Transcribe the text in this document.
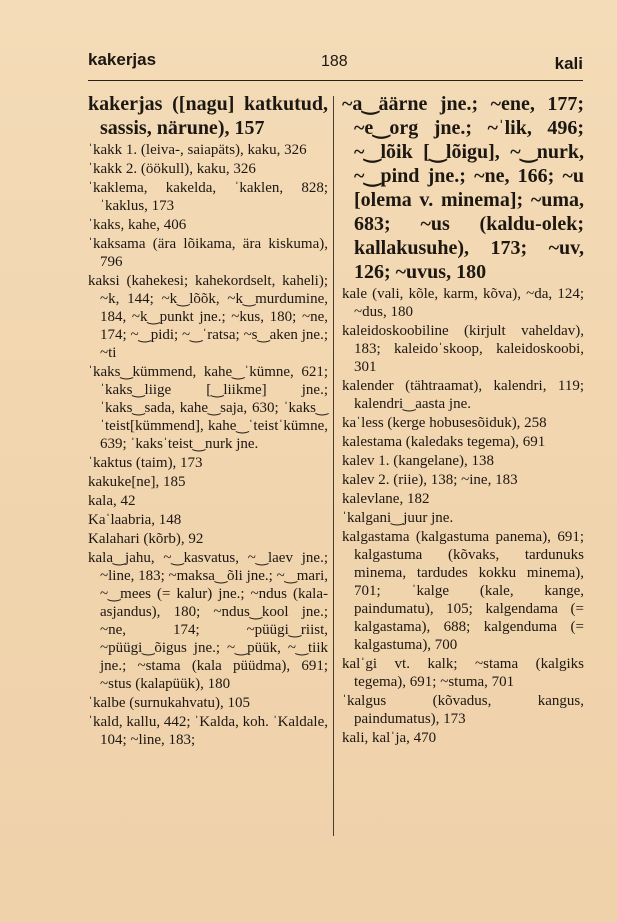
kakerjas	188	kali
kakerjas ([nagu] katkutud, sassis, närune), 157
ˈkakk 1. (leiva-, saiapäts), kaku, 326
ˈkakk 2. (öökull), kaku, 326
ˈkaklema, kakelda, ˈkaklen, 828; ˈkaklus, 173
ˈkaks, kahe, 406
ˈkaksama (ära lõikama, ära kiskuma), 796
kaksi (kahekesi; kahekordselt, kaheli); ~k, 144; ~k‿lõõk, ~k‿murdumine, 184, ~k‿punkt jne.; ~kus, 180; ~ne, 174; ~‿pidi; ~‿ˈratsa; ~s‿aken jne.; ~ti
ˈkaks‿kümmend, kahe‿ˈkümne, 621; ˈkaks‿liige [‿liikme] jne.; ˈkaks‿sada, kahe‿saja, 630; ˈkaks‿ˈteist[kümmend], kahe‿ˈteistˈkümne, 639; ˈkaksˈteist‿nurk jne.
ˈkaktus (taim), 173
kakuke[ne], 185
kala, 42
Kaˈlaabria, 148
Kalahari (kõrb), 92
kala‿jahu, ~‿kasvatus, ~‿laev jne.; ~line, 183; ~maksa‿õli jne.; ~‿mari, ~‿mees (= kalur) jne.; ~ndus (kala-asjandus), 180; ~ndus‿kool jne.; ~ne, 174; ~püügi‿riist, ~püügi‿õigus jne.; ~‿püük, ~‿tiik jne.; ~stama (kala püüdma), 691; ~stus (kalapüük), 180
ˈkalbe (surnukahvatu), 105
ˈkald, kallu, 442; ˈKalda, koh. ˈKaldale, 104; ~line, 183;
~a‿äärne jne.; ~ene, 177; ~e‿org jne.; ~ˈlik, 496; ~‿lõik [‿lõigu], ~‿nurk, ~‿pind jne.; ~ne, 166; ~u [olema v. minema]; ~uma, 683; ~us (kaldu-olek; kallakusuhe), 173; ~uv, 126; ~uvus, 180
kale (vali, kõle, karm, kõva), ~da, 124; ~dus, 180
kaleidoskoobiline (kirjult vaheldav), 183; kaleidoˈskoop, kaleidoskoobi, 301
kalender (tähtraamat), kalendri, 119; kalendri‿aasta jne.
kaˈless (kerge hobusesõiduk), 258
kalestama (kaledaks tegema), 691
kalev 1. (kangelane), 138
kalev 2. (riie), 138; ~ine, 183
kalevlane, 182
ˈkalgani‿juur jne.
kalgastama (kalgastuma panema), 691; kalgastuma (kõvaks, tardunuks minema, tardudes kokku minema), 701; ˈkalge (kale, kange, paindumatu), 105; kalgendama (= kalgastama), 688; kalgenduma (= kalgastuma), 700
kalˈgi vt. kalk; ~stama (kalgiks tegema), 691; ~stuma, 701
ˈkalgus (kõvadus, kangus, paindumatus), 173
kali, kalˈja, 470
